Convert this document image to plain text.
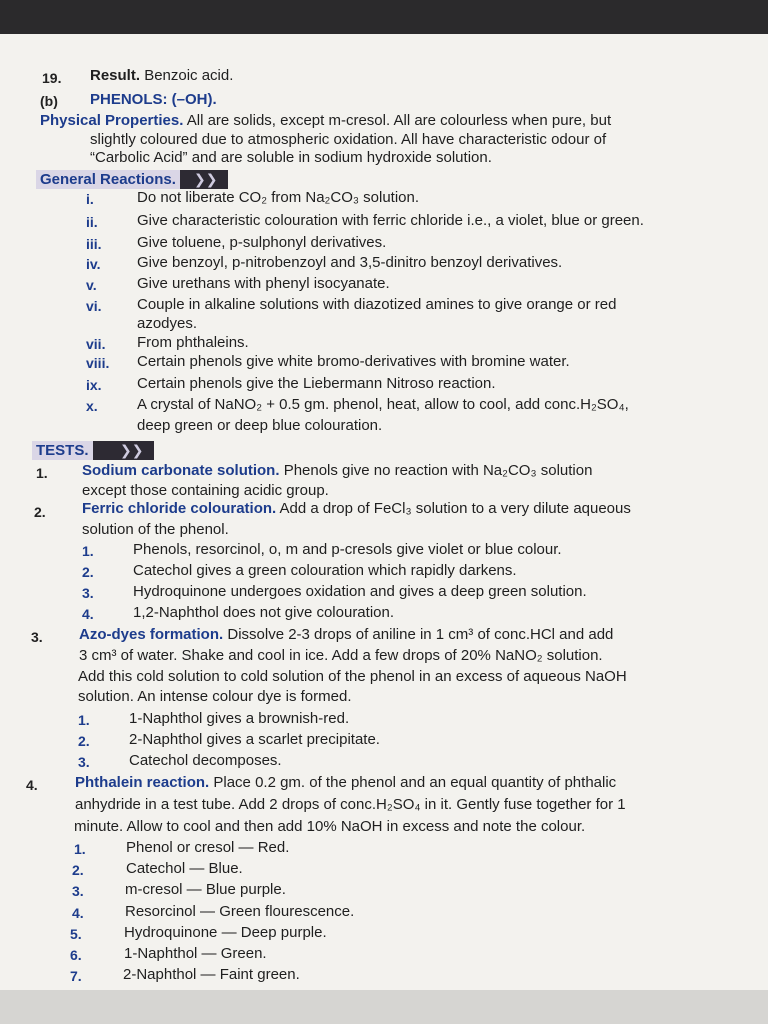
19. Result. Benzoic acid.
(b) PHENOLS: (–OH).
Physical Properties. All are solids, except m-cresol. All are colourless when pure, but
slightly coloured due to atmospheric oxidation. All have characteristic odour of
“Carbolic Acid” and are soluble in sodium hydroxide solution.
General Reactions. ❯❯
i.	Do not liberate CO₂ from Na₂CO₃ solution.
ii.	Give characteristic colouration with ferric chloride i.e., a violet, blue or green.
iii. Give toluene, p-sulphonyl derivatives.
iv. Give benzoyl, p-nitrobenzoyl and 3,5-dinitro benzoyl derivatives.
v.	Give urethans with phenyl isocyanate.
vi. Couple in alkaline solutions with diazotized amines to give orange or red
azodyes.
vii. From phthaleins.
viii. Certain phenols give white bromo-derivatives with bromine water.
ix. Certain phenols give the Liebermann Nitroso reaction.
x.	A crystal of NaNO₂ + 0.5 gm. phenol, heat, allow to cool, add conc.H₂SO₄,
deep green or deep blue colouration.
TESTS. ❯❯
1. Sodium carbonate solution. Phenols give no reaction with Na₂CO₃ solution
except those containing acidic group.
2. Ferric chloride colouration. Add a drop of FeCl₃ solution to a very dilute aqueous
solution of the phenol.
1.	Phenols, resorcinol, o, m and p-cresols give violet or blue colour.
2.	Catechol gives a green colouration which rapidly darkens.
3.	Hydroquinone undergoes oxidation and gives a deep green solution.
4.	1,2-Naphthol does not give colouration.
3. Azo-dyes formation. Dissolve 2-3 drops of aniline in 1 cm³ of conc.HCl and add
3 cm³ of water. Shake and cool in ice. Add a few drops of 20% NaNO₂ solution.
Add this cold solution to cold solution of the phenol in an excess of aqueous NaOH
solution. An intense colour dye is formed.
1.	1-Naphthol gives a brownish-red.
2.	2-Naphthol gives a scarlet precipitate.
3.	Catechol decomposes.
4. Phthalein reaction. Place 0.2 gm. of the phenol and an equal quantity of phthalic
anhydride in a test tube. Add 2 drops of conc.H₂SO₄ in it. Gently fuse together for 1
minute. Allow to cool and then add 10% NaOH in excess and note the colour.
1.	Phenol or cresol — Red.
2.	Catechol — Blue.
3.	m-cresol — Blue purple.
4.	Resorcinol — Green flourescence.
5.	Hydroquinone — Deep purple.
6.	1-Naphthol — Green.
7.	2-Naphthol — Faint green.
